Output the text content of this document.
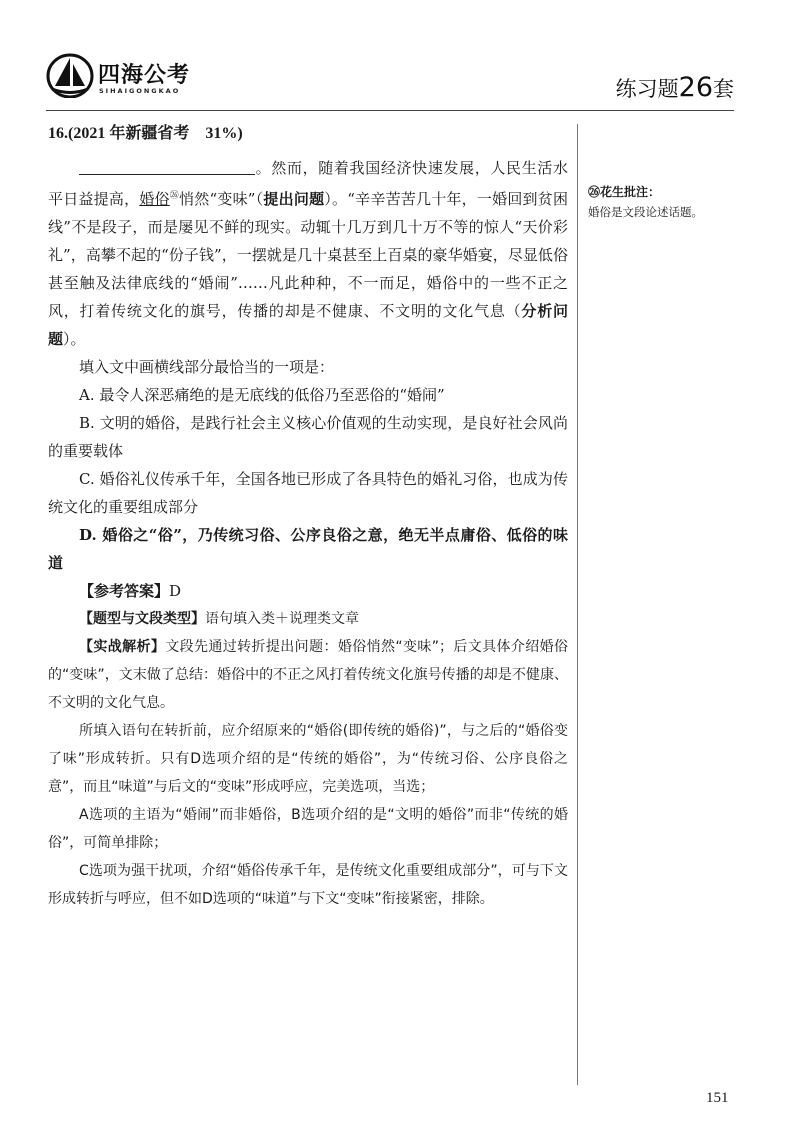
四海公考
SIHAIGONGKAO	练习题26套

16.(2021 年新疆省考　31%)

。然而，随着我国经济快速发展，人民生活水平日益提高，婚俗$^㉖$悄然“变味”（提出问题）。“辛辛苦苦几十年，一婚回到贫困线”不是段子，而是屡见不鲜的现实。动辄十几万到几十万不等的惊人“天价彩礼”，高攀不起的“份子钱”，一摆就是几十桌甚至上百桌的豪华婚宴，尽显低俗甚至触及法律底线的“婚闹”……凡此种种，不一而足，婚俗中的一些不正之风，打着传统文化的旗号，传播的却是不健康、不文明的文化气息（分析问题）。

填入文中画横线部分最恰当的一项是：

A. 最令人深恶痛绝的是无底线的低俗乃至恶俗的“婚闹”

B. 文明的婚俗，是践行社会主义核心价值观的生动实现，是良好社会风尚的重要载体

C. 婚俗礼仪传承千年，全国各地已形成了各具特色的婚礼习俗，也成为传统文化的重要组成部分

D. 婚俗之“俗”，乃传统习俗、公序良俗之意，绝无半点庸俗、低俗的味道

【参考答案】D

【题型与文段类型】语句填入类＋说理类文章

【实战解析】文段先通过转折提出问题：婚俗悄然“变味”；后文具体介绍婚俗的“变味”，文末做了总结：婚俗中的不正之风打着传统文化旗号传播的却是不健康、不文明的文化气息。

所填入语句在转折前，应介绍原来的“婚俗(即传统的婚俗)”，与之后的“婚俗变了味”形成转折。只有D选项介绍的是“传统的婚俗”，为“传统习俗、公序良俗之意”，而且“味道”与后文的“变味”形成呼应，完美选项，当选；

A选项的主语为“婚闹”而非婚俗，B选项介绍的是“文明的婚俗”而非“传统的婚俗”，可简单排除；

C选项为强干扰项，介绍“婚俗传承千年，是传统文化重要组成部分”，可与下文形成转折与呼应，但不如D选项的“味道”与下文“变味”衔接紧密，排除。

㉖花生批注：
婚俗是文段论述话题。
151
